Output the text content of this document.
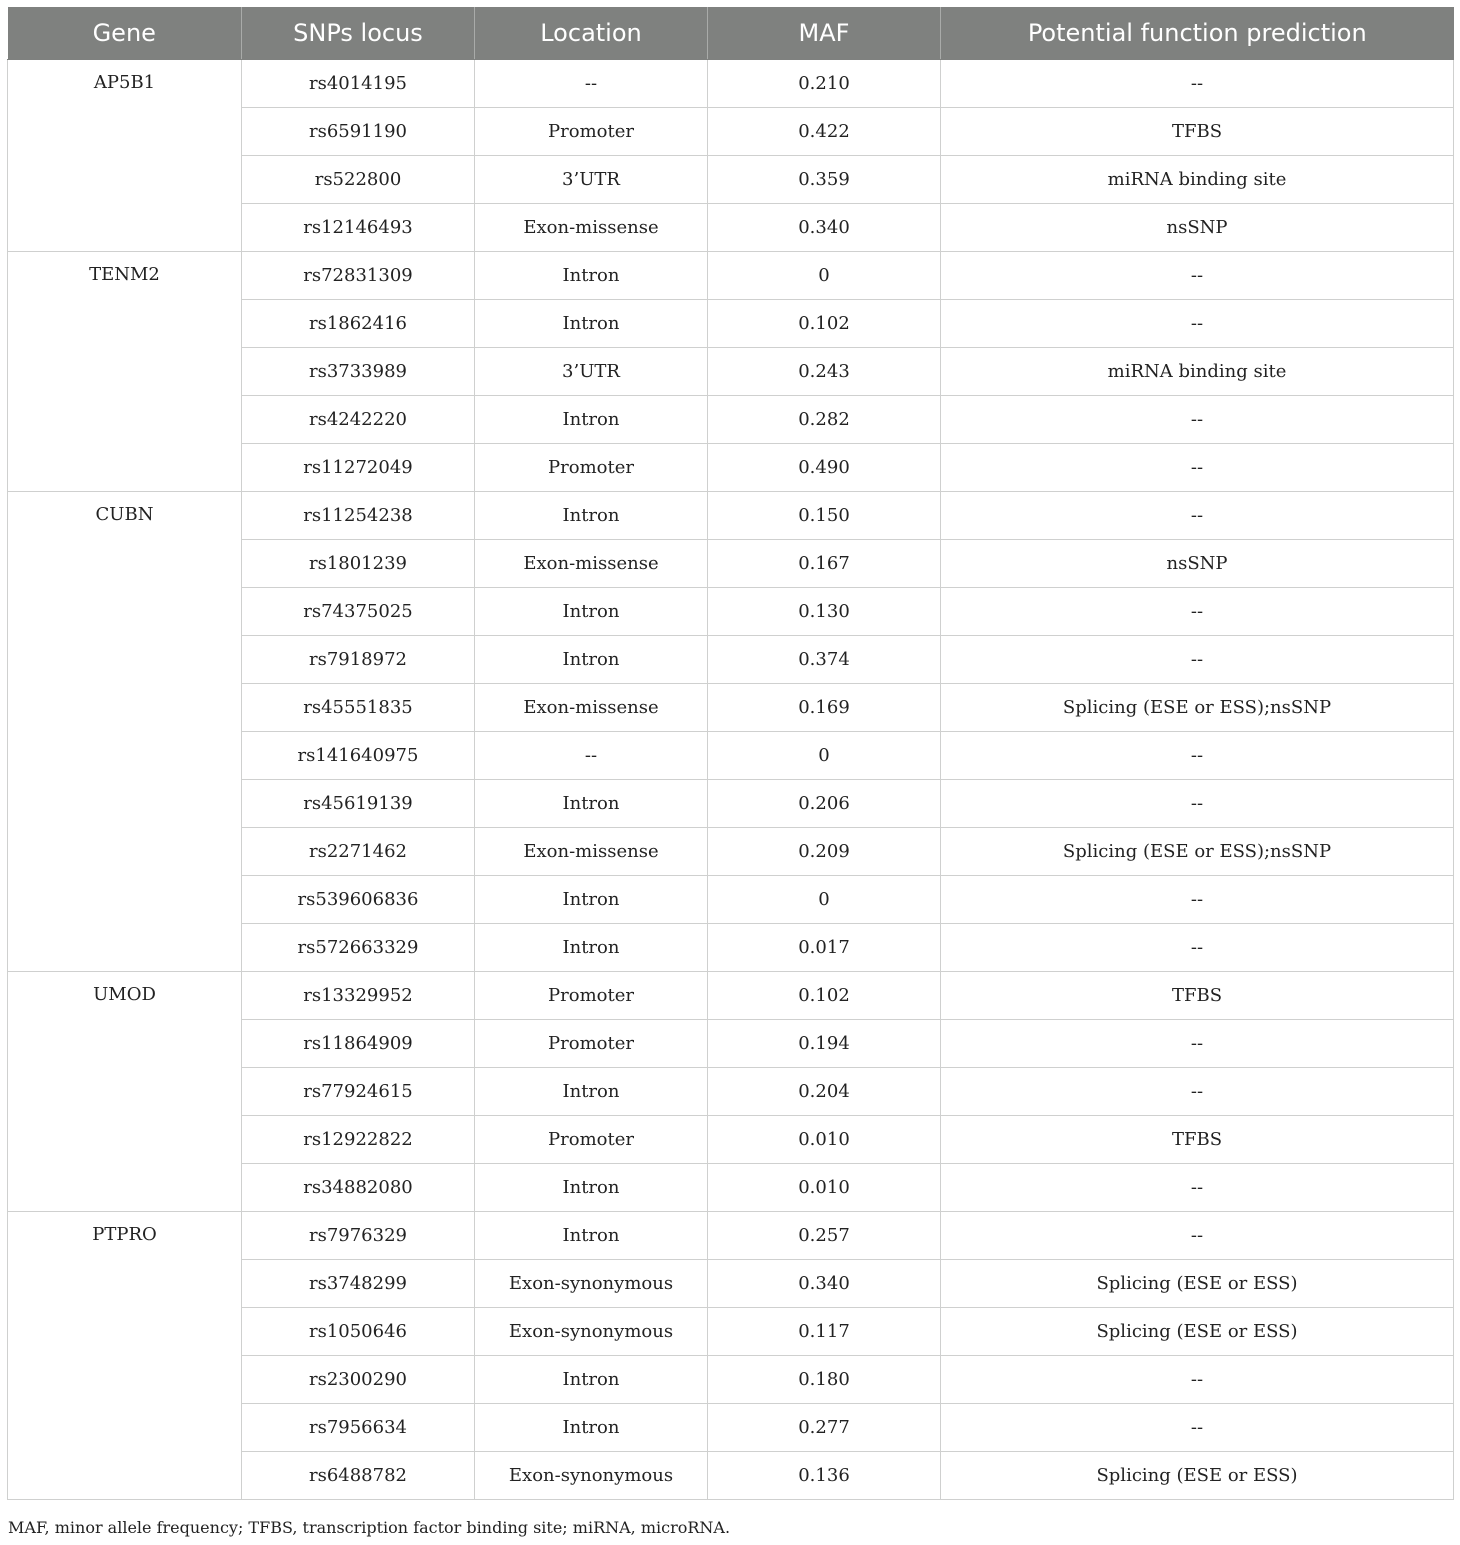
Gene	SNPs locus	Location	MAF	Potential function prediction
AP5B1	rs4014195	--	0.210	--
	rs6591190	Promoter	0.422	TFBS
	rs522800	3’UTR	0.359	miRNA binding site
	rs12146493	Exon-missense	0.340	nsSNP
TENM2	rs72831309	Intron	0	--
	rs1862416	Intron	0.102	--
	rs3733989	3’UTR	0.243	miRNA binding site
	rs4242220	Intron	0.282	--
	rs11272049	Promoter	0.490	--
CUBN	rs11254238	Intron	0.150	--
	rs1801239	Exon-missense	0.167	nsSNP
	rs74375025	Intron	0.130	--
	rs7918972	Intron	0.374	--
	rs45551835	Exon-missense	0.169	Splicing (ESE or ESS);nsSNP
	rs141640975	--	0	--
	rs45619139	Intron	0.206	--
	rs2271462	Exon-missense	0.209	Splicing (ESE or ESS);nsSNP
	rs539606836	Intron	0	--
	rs572663329	Intron	0.017	--
UMOD	rs13329952	Promoter	0.102	TFBS
	rs11864909	Promoter	0.194	--
	rs77924615	Intron	0.204	--
	rs12922822	Promoter	0.010	TFBS
	rs34882080	Intron	0.010	--
PTPRO	rs7976329	Intron	0.257	--
	rs3748299	Exon-synonymous	0.340	Splicing (ESE or ESS)
	rs1050646	Exon-synonymous	0.117	Splicing (ESE or ESS)
	rs2300290	Intron	0.180	--
	rs7956634	Intron	0.277	--
	rs6488782	Exon-synonymous	0.136	Splicing (ESE or ESS)

MAF, minor allele frequency; TFBS, transcription factor binding site; miRNA, microRNA.
